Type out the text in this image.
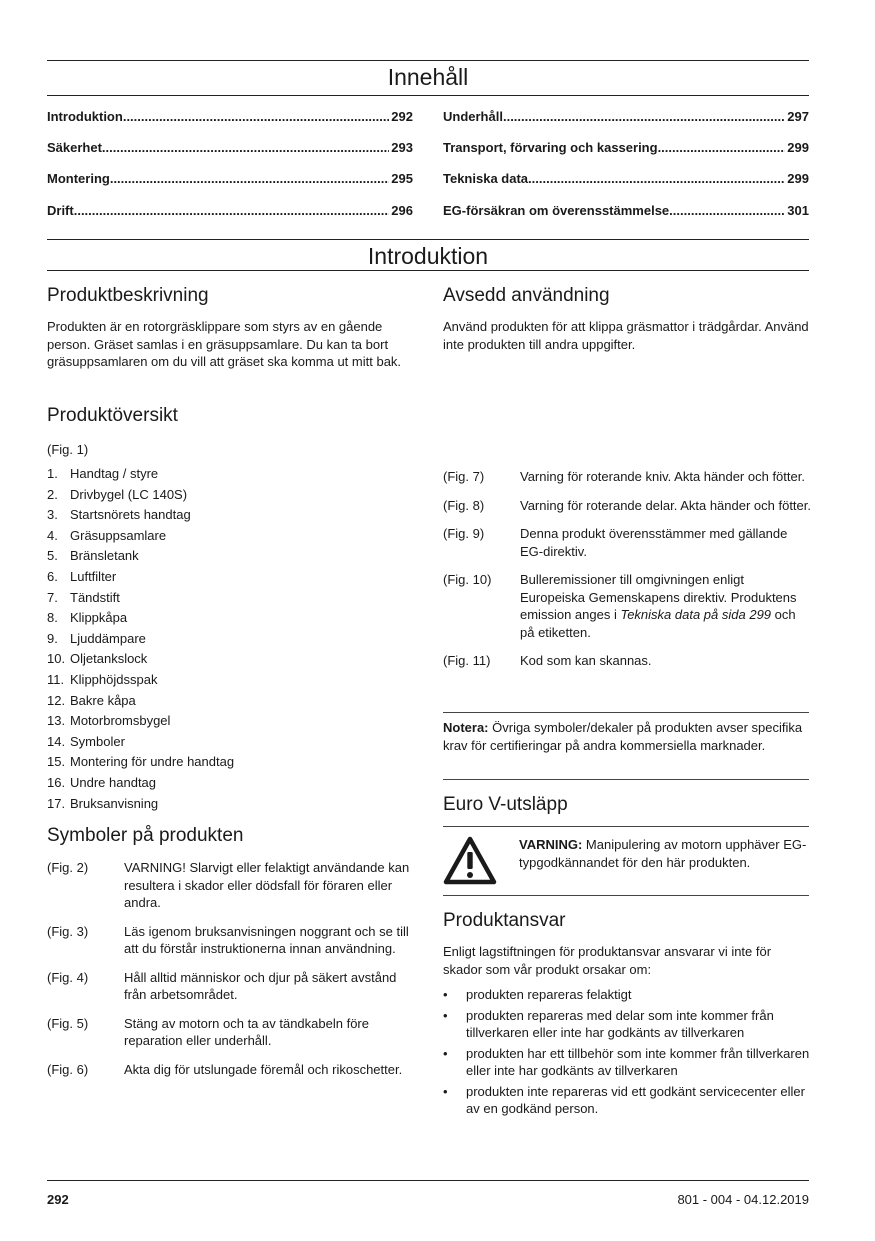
Innehåll
Introduktion .....	292
Säkerhet .....	293
Montering .....	295
Drift .....	296
Underhåll .....	297
Transport, förvaring och kassering .....	299
Tekniska data .....	299
EG-försäkran om överensstämmelse .....	301
Introduktion
Produktbeskrivning
Produkten är en rotorgräsklippare som styrs av en gående person. Gräset samlas i en gräsuppsamlare. Du kan ta bort gräsuppsamlaren om du vill att gräset ska komma ut mitt bak.
Produktöversikt
(Fig. 1)
1. Handtag / styre
2. Drivbygel (LC 140S)
3. Startsnörets handtag
4. Gräsuppsamlare
5. Bränsletank
6. Luftfilter
7. Tändstift
8. Klippkåpa
9. Ljuddämpare
10. Oljetankslock
11. Klipphöjdsspak
12. Bakre kåpa
13. Motorbromsbygel
14. Symboler
15. Montering för undre handtag
16. Undre handtag
17. Bruksanvisning
Symboler på produkten
(Fig. 2)	VARNING! Slarvigt eller felaktigt användande kan resultera i skador eller dödsfall för föraren eller andra.
(Fig. 3)	Läs igenom bruksanvisningen noggrant och se till att du förstår instruktionerna innan användning.
(Fig. 4)	Håll alltid människor och djur på säkert avstånd från arbetsområdet.
(Fig. 5)	Stäng av motorn och ta av tändkabeln före reparation eller underhåll.
(Fig. 6)	Akta dig för utslungade föremål och rikoschetter.
Avsedd användning
Använd produkten för att klippa gräsmattor i trädgårdar. Använd inte produkten till andra uppgifter.
(Fig. 7)	Varning för roterande kniv. Akta händer och fötter.
(Fig. 8)	Varning för roterande delar. Akta händer och fötter.
(Fig. 9)	Denna produkt överensstämmer med gällande EG-direktiv.
(Fig. 10)	Bulleremissioner till omgivningen enligt Europeiska Gemenskapens direktiv. Produktens emission anges i Tekniska data på sida 299 och på etiketten.
(Fig. 11)	Kod som kan skannas.
Notera: Övriga symboler/dekaler på produkten avser specifika krav för certifieringar på andra kommersiella marknader.
Euro V-utsläpp
VARNING: Manipulering av motorn upphäver EG-typgodkännandet för den här produkten.
Produktansvar
Enligt lagstiftningen för produktansvar ansvarar vi inte för skador som vår produkt orsakar om:
•	produkten repareras felaktigt
•	produkten repareras med delar som inte kommer från tillverkaren eller inte har godkänts av tillverkaren
•	produkten har ett tillbehör som inte kommer från tillverkaren eller inte har godkänts av tillverkaren
•	produkten inte repareras vid ett godkänt servicecenter eller av en godkänd person.
292	801 - 004 - 04.12.2019
